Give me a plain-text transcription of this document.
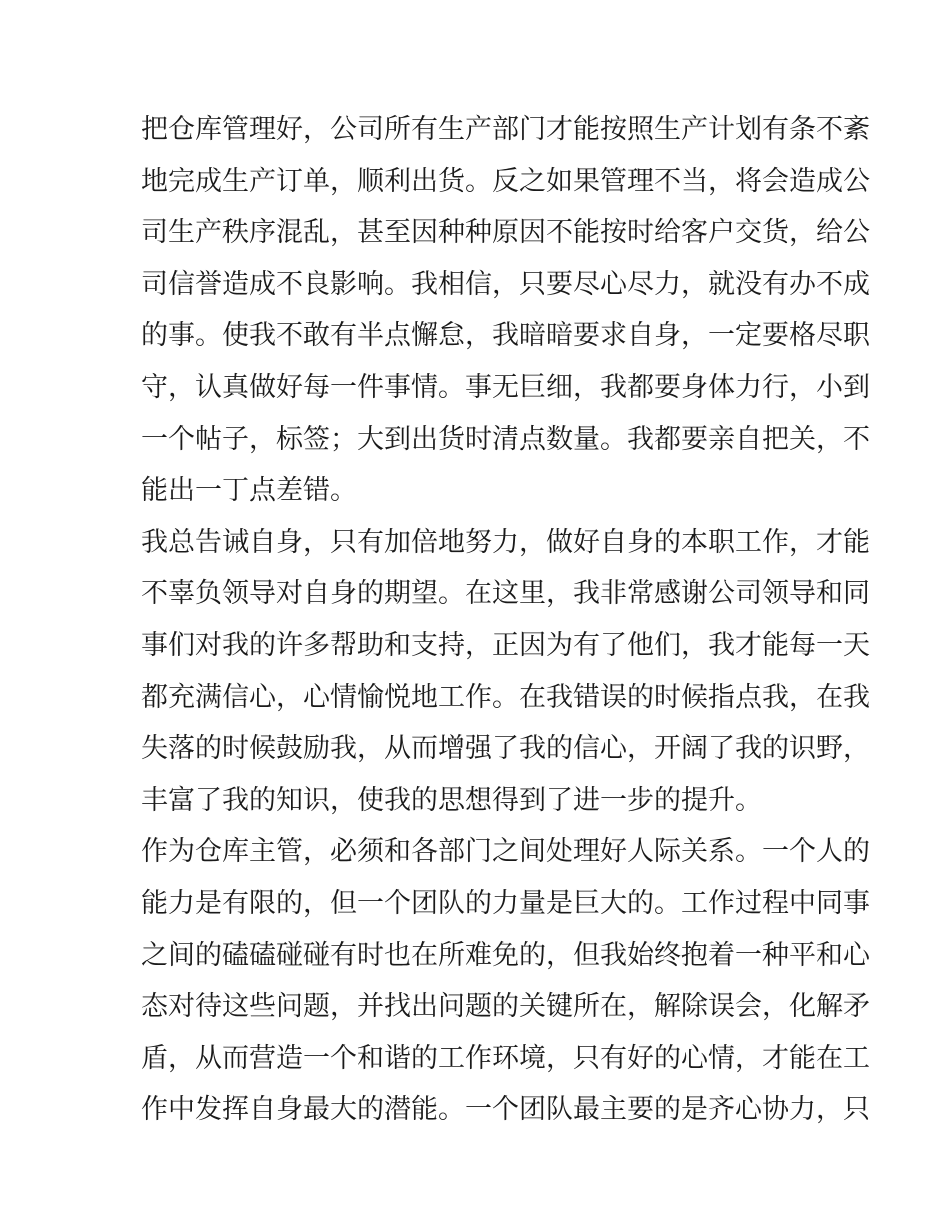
把仓库管理好，公司所有生产部门才能按照生产计划有条不紊
地完成生产订单，顺利出货。反之如果管理不当，将会造成公
司生产秩序混乱，甚至因种种原因不能按时给客户交货，给公
司信誉造成不良影响。我相信，只要尽心尽力，就没有办不成
的事。使我不敢有半点懈怠，我暗暗要求自身，一定要格尽职
守，认真做好每一件事情。事无巨细，我都要身体力行，小到
一个帖子，标签；大到出货时清点数量。我都要亲自把关，不
能出一丁点差错。
我总告诫自身，只有加倍地努力，做好自身的本职工作，才能
不辜负领导对自身的期望。在这里，我非常感谢公司领导和同
事们对我的许多帮助和支持，正因为有了他们，我才能每一天
都充满信心，心情愉悦地工作。在我错误的时候指点我，在我
失落的时候鼓励我，从而增强了我的信心，开阔了我的识野，
丰富了我的知识，使我的思想得到了进一步的提升。
作为仓库主管，必须和各部门之间处理好人际关系。一个人的
能力是有限的，但一个团队的力量是巨大的。工作过程中同事
之间的磕磕碰碰有时也在所难免的，但我始终抱着一种平和心
态对待这些问题，并找出问题的关键所在，解除误会，化解矛
盾，从而营造一个和谐的工作环境，只有好的心情，才能在工
作中发挥自身最大的潜能。一个团队最主要的是齐心协力，只
